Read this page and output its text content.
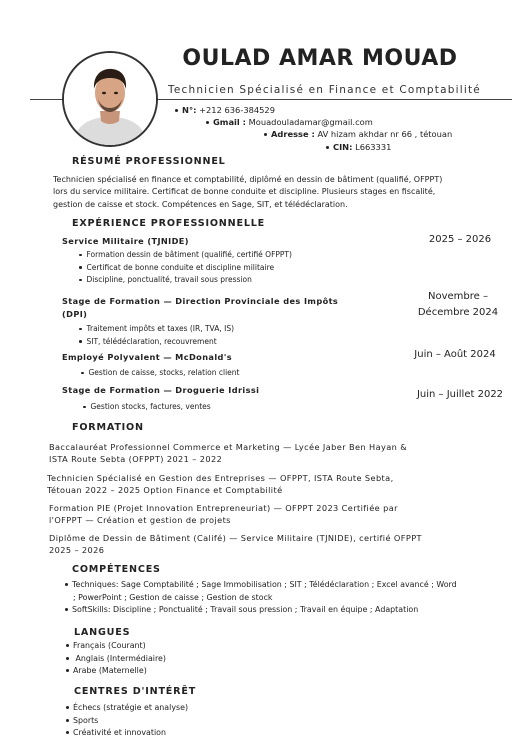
OULAD AMAR MOUAD
Technicien Spécialisé en Finance et Comptabilité
N°: +212 636-384529
Gmail : Mouadouladamar@gmail.com
Adresse : AV hizam akhdar nr 66 , tétouan
CIN: L663331
RÉSUMÉ PROFESSIONNEL
Technicien spécialisé en finance et comptabilité, diplômé en dessin de bâtiment (qualifié, OFPPT)
lors du service militaire. Certificat de bonne conduite et discipline. Plusieurs stages en fiscalité,
gestion de caisse et stock. Compétences en Sage, SIT, et télédéclaration.
EXPÉRIENCE PROFESSIONNELLE
Service Militaire (TJNIDE)	2025 – 2026
Formation dessin de bâtiment (qualifié, certifié OFPPT)
Certificat de bonne conduite et discipline militaire
Discipline, ponctualité, travail sous pression
Stage de Formation — Direction Provinciale des Impôts
(DPI)
Novembre –
Décembre 2024
Traitement impôts et taxes (IR, TVA, IS)
SIT, télédéclaration, recouvrement
Employé Polyvalent — McDonald's	Juin – Août 2024
Gestion de caisse, stocks, relation client
Stage de Formation — Droguerie Idrissi	Juin – Juillet 2022
Gestion stocks, factures, ventes
FORMATION
Baccalauréat Professionnel Commerce et Marketing — Lycée Jaber Ben Hayan &
ISTA Route Sebta (OFPPT) 2021 – 2022
Technicien Spécialisé en Gestion des Entreprises — OFPPT, ISTA Route Sebta,
Tétouan 2022 – 2025 Option Finance et Comptabilité
Formation PIE (Projet Innovation Entrepreneuriat) — OFPPT 2023 Certifiée par
l'OFPPT — Création et gestion de projets
Diplôme de Dessin de Bâtiment (Califé) — Service Militaire (TJNIDE), certifié OFPPT
2025 – 2026
COMPÉTENCES
Techniques: Sage Comptabilité ; Sage Immobilisation ; SIT ; Télédéclaration ; Excel avancé ; Word
; PowerPoint ; Gestion de caisse ; Gestion de stock
SoftSkills: Discipline ; Ponctualité ; Travail sous pression ; Travail en équipe ; Adaptation
LANGUES
Français (Courant)
Anglais (Intermédiaire)
Arabe (Maternelle)
CENTRES D'INTÉRÊT
Échecs (stratégie et analyse)
Sports
Créativité et innovation
